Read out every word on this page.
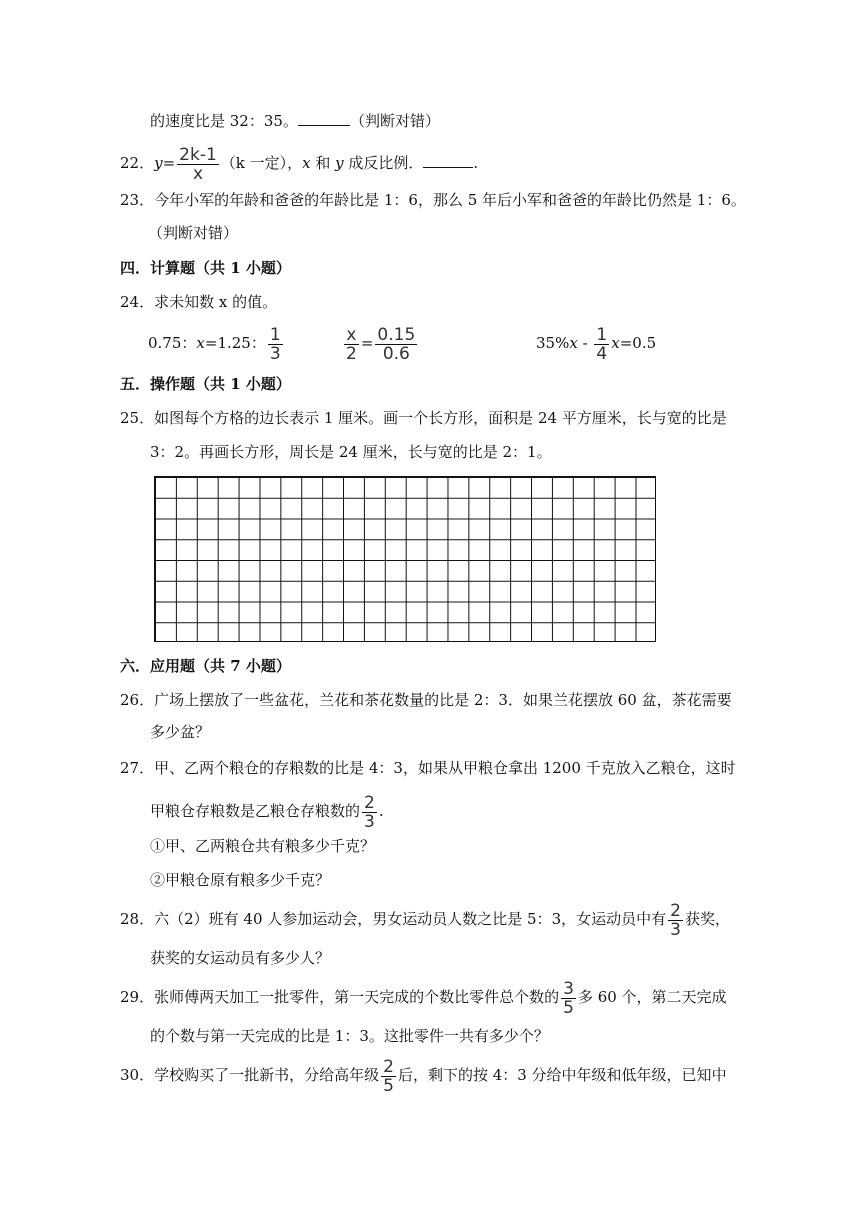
的速度比是 32：35。	（判断对错）
22．$y= \frac{2k-1}{x} (k$ 一定），x 和 y 成反比例．	.
23．今年小军的年龄和爸爸的年龄比是 1：6，那么 5 年后小军和爸爸的年龄比仍然是 1：6。
（判断对错）
四．计算题（共 1 小题）
24．求未知数 x 的值。
0.75：x=1.25： $\frac{1}{3}$	$\frac{x}{2} = \frac{0.15}{0.6}$	$35\%x - \frac{1}{4} x=0.5$
五．操作题（共 1 小题）
25．如图每个方格的边长表示 1 厘米。画一个长方形，面积是 24 平方厘米，长与宽的比是
3：2。再画长方形，周长是 24 厘米，长与宽的比是 2：1。
六．应用题（共 7 小题）
26．广场上摆放了一些盆花，兰花和茶花数量的比是 2：3．如果兰花摆放 60 盆，茶花需要
多少盆？
27．甲、乙两个粮仓的存粮数的比是 4：3，如果从甲粮仓拿出 1200 千克放入乙粮仓，这时
甲粮仓存粮数是乙粮仓存粮数的 $\frac{2}{3}$ .
①甲、乙两粮仓共有粮多少千克？
②甲粮仓原有粮多少千克？
28．六（2）班有 40 人参加运动会，男女运动员人数之比是 5：3，女运动员中有 $\frac{2}{3}$ 获奖，
获奖的女运动员有多少人？
29．张师傅两天加工一批零件，第一天完成的个数比零件总个数的 $\frac{3}{5}$ 多 60 个，第二天完成
的个数与第一天完成的比是 1：3。这批零件一共有多少个？
30．学校购买了一批新书，分给高年级 $\frac{2}{5}$ 后，剩下的按 4：3 分给中年级和低年级，已知中
